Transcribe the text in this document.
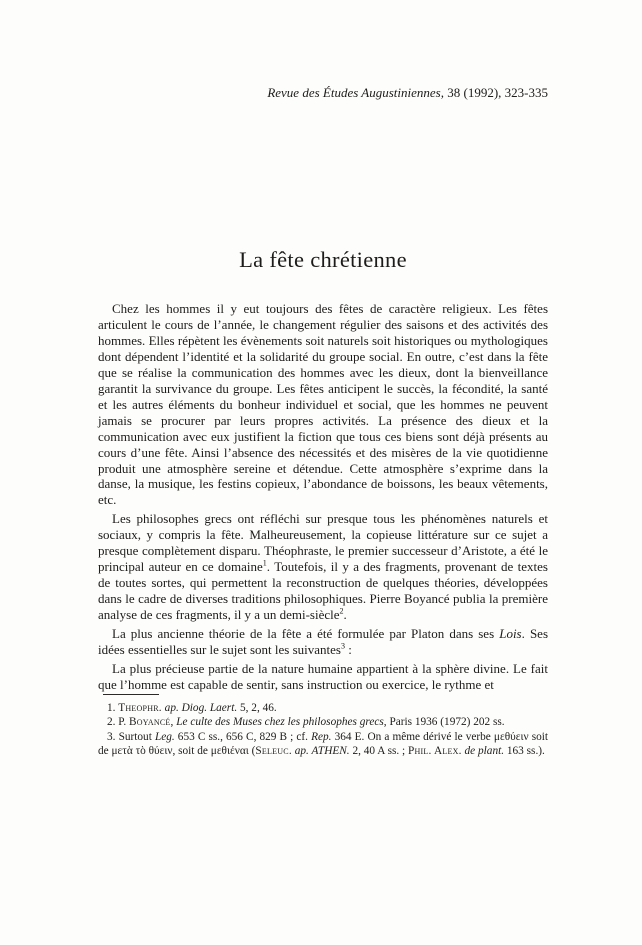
Revue des Études Augustiniennes, 38 (1992), 323-335
La fête chrétienne

Chez les hommes il y eut toujours des fêtes de caractère religieux. Les fêtes articulent le cours de l’année, le changement régulier des saisons et des activités des hommes. Elles répètent les évènements soit naturels soit historiques ou mythologiques dont dépendent l’identité et la solidarité du groupe social. En outre, c’est dans la fête que se réalise la communication des hommes avec les dieux, dont la bienveillance garantit la survivance du groupe. Les fêtes anticipent le succès, la fécondité, la santé et les autres éléments du bonheur individuel et social, que les hommes ne peuvent jamais se procurer par leurs propres activités. La présence des dieux et la communication avec eux justifient la fiction que tous ces biens sont déjà présents au cours d’une fête. Ainsi l’absence des nécessités et des misères de la vie quotidienne produit une atmosphère sereine et détendue. Cette atmosphère s’exprime dans la danse, la musique, les festins copieux, l’abondance de boissons, les beaux vêtements, etc.

Les philosophes grecs ont réfléchi sur presque tous les phénomènes naturels et sociaux, y compris la fête. Malheureusement, la copieuse littérature sur ce sujet a presque complètement disparu. Théophraste, le premier successeur d’Aristote, a été le principal auteur en ce domaine$^1$. Toutefois, il y a des fragments, provenant de textes de toutes sortes, qui permettent la reconstruction de quelques théories, développées dans le cadre de diverses traditions philosophiques. Pierre Boyancé publia la première analyse de ces fragments, il y a un demi-siècle$^2$.

La plus ancienne théorie de la fête a été formulée par Platon dans ses Lois. Ses idées essentielles sur le sujet sont les suivantes$^3$ :

La plus précieuse partie de la nature humaine appartient à la sphère divine. Le fait que l’homme est capable de sentir, sans instruction ou exercice, le rythme et

1. Theophr. ap. Diog. Laert. 5, 2, 46.

2. P. Boyancé, Le culte des Muses chez les philosophes grecs, Paris 1936 (1972) 202 ss.

3. Surtout Leg. 653 C ss., 656 C, 829 B ; cf. Rep. 364 E. On a même dérivé le verbe μεθύειν soit de μετὰ τὸ θύειν, soit de μεθιέναι (Seleuc. ap. ATHEN. 2, 40 A ss. ; Phil. Alex. de plant. 163 ss.).
